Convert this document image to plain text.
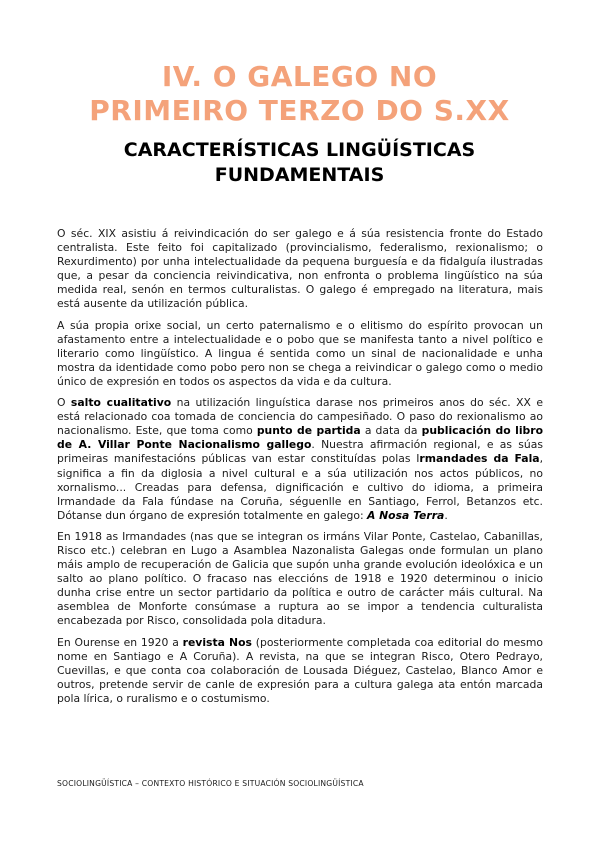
IV. O GALEGO NO
PRIMEIRO TERZO DO S.XX
CARACTERÍSTICAS LINGÜÍSTICAS
FUNDAMENTAIS

O séc. XIX asistiu á reivindicación do ser galego e á súa resistencia fronte do Estado centralista. Este feito foi capitalizado (provincialismo, federalismo, rexionalismo; o Rexurdimento) por unha intelectualidade da pequena burguesía e da fidalguía ilustradas que, a pesar da conciencia reivindicativa, non enfronta o problema lingüístico na súa medida real, senón en termos culturalistas. O galego é empregado na literatura, mais está ausente da utilización pública.

A súa propia orixe social, un certo paternalismo e o elitismo do espírito provocan un afastamento entre a intelectualidade e o pobo que se manifesta tanto a nivel político e literario como lingüístico. A lingua é sentida como un sinal de nacionalidade e unha mostra da identidade como pobo pero non se chega a reivindicar o galego como o medio único de expresión en todos os aspectos da vida e da cultura.

O salto cualitativo na utilización linguística darase nos primeiros anos do séc. XX e está relacionado coa tomada de conciencia do campesiñado. O paso do rexionalismo ao nacionalismo. Este, que toma como punto de partida a data da publicación do libro de A. Villar Ponte Nacionalismo gallego. Nuestra afirmación regional, e as súas primeiras manifestacións públicas van estar constituídas polas Irmandades da Fala, significa a fin da diglosia a nivel cultural e a súa utilización nos actos públicos, no xornalismo... Creadas para defensa, dignificación e cultivo do idioma, a primeira Irmandade da Fala fúndase na Coruña, séguenlle en Santiago, Ferrol, Betanzos etc. Dótanse dun órgano de expresión totalmente en galego: A Nosa Terra.

En 1918 as Irmandades (nas que se integran os irmáns Vilar Ponte, Castelao, Cabanillas, Risco etc.) celebran en Lugo a Asamblea Nazonalista Galegas onde formulan un plano máis amplo de recuperación de Galicia que supón unha grande evolución ideolóxica e un salto ao plano político. O fracaso nas eleccións de 1918 e 1920 determinou o inicio dunha crise entre un sector partidario da política e outro de carácter máis cultural. Na asemblea de Monforte consúmase a ruptura ao se impor a tendencia culturalista encabezada por Risco, consolidada pola ditadura.

En Ourense en 1920 a revista Nos (posteriormente completada coa editorial do mesmo nome en Santiago e A Coruña). A revista, na que se integran Risco, Otero Pedrayo, Cuevillas, e que conta coa colaboración de Lousada Diéguez, Castelao, Blanco Amor e outros, pretende servir de canle de expresión para a cultura galega ata entón marcada pola lírica, o ruralismo e o costumismo.

SOCIOLINGÜÍSTICA – CONTEXTO HISTÓRICO E SITUACIÓN SOCIOLINGÜÍSTICA
